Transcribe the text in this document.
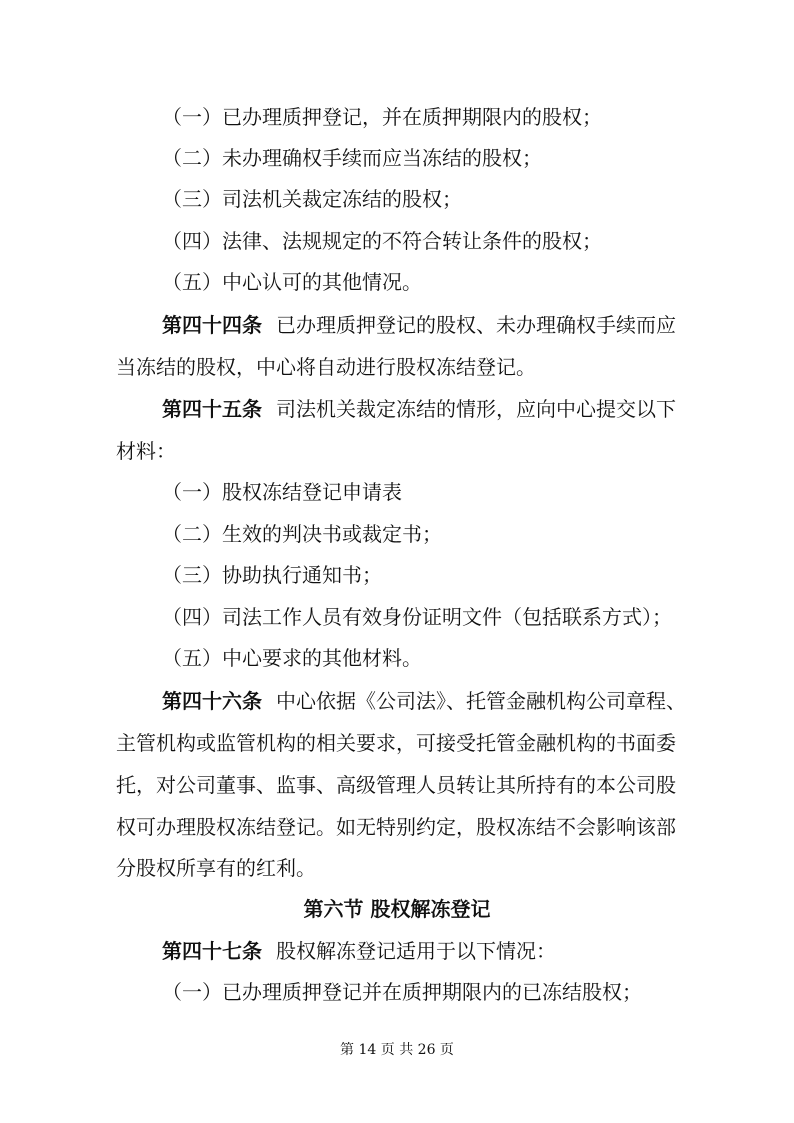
（一）已办理质押登记，并在质押期限内的股权；
（二）未办理确权手续而应当冻结的股权；
（三）司法机关裁定冻结的股权；
（四）法律、法规规定的不符合转让条件的股权；
（五）中心认可的其他情况。
第四十四条 已办理质押登记的股权、未办理确权手续而应
当冻结的股权，中心将自动进行股权冻结登记。
第四十五条 司法机关裁定冻结的情形，应向中心提交以下
材料：
（一）股权冻结登记申请表
（二）生效的判决书或裁定书；
（三）协助执行通知书；
（四）司法工作人员有效身份证明文件（包括联系方式）；
（五）中心要求的其他材料。
第四十六条 中心依据《公司法》、托管金融机构公司章程、
主管机构或监管机构的相关要求，可接受托管金融机构的书面委
托，对公司董事、监事、高级管理人员转让其所持有的本公司股
权可办理股权冻结登记。如无特别约定，股权冻结不会影响该部
分股权所享有的红利。
第六节 股权解冻登记
第四十七条 股权解冻登记适用于以下情况：
（一）已办理质押登记并在质押期限内的已冻结股权；
第 14 页 共 26 页
